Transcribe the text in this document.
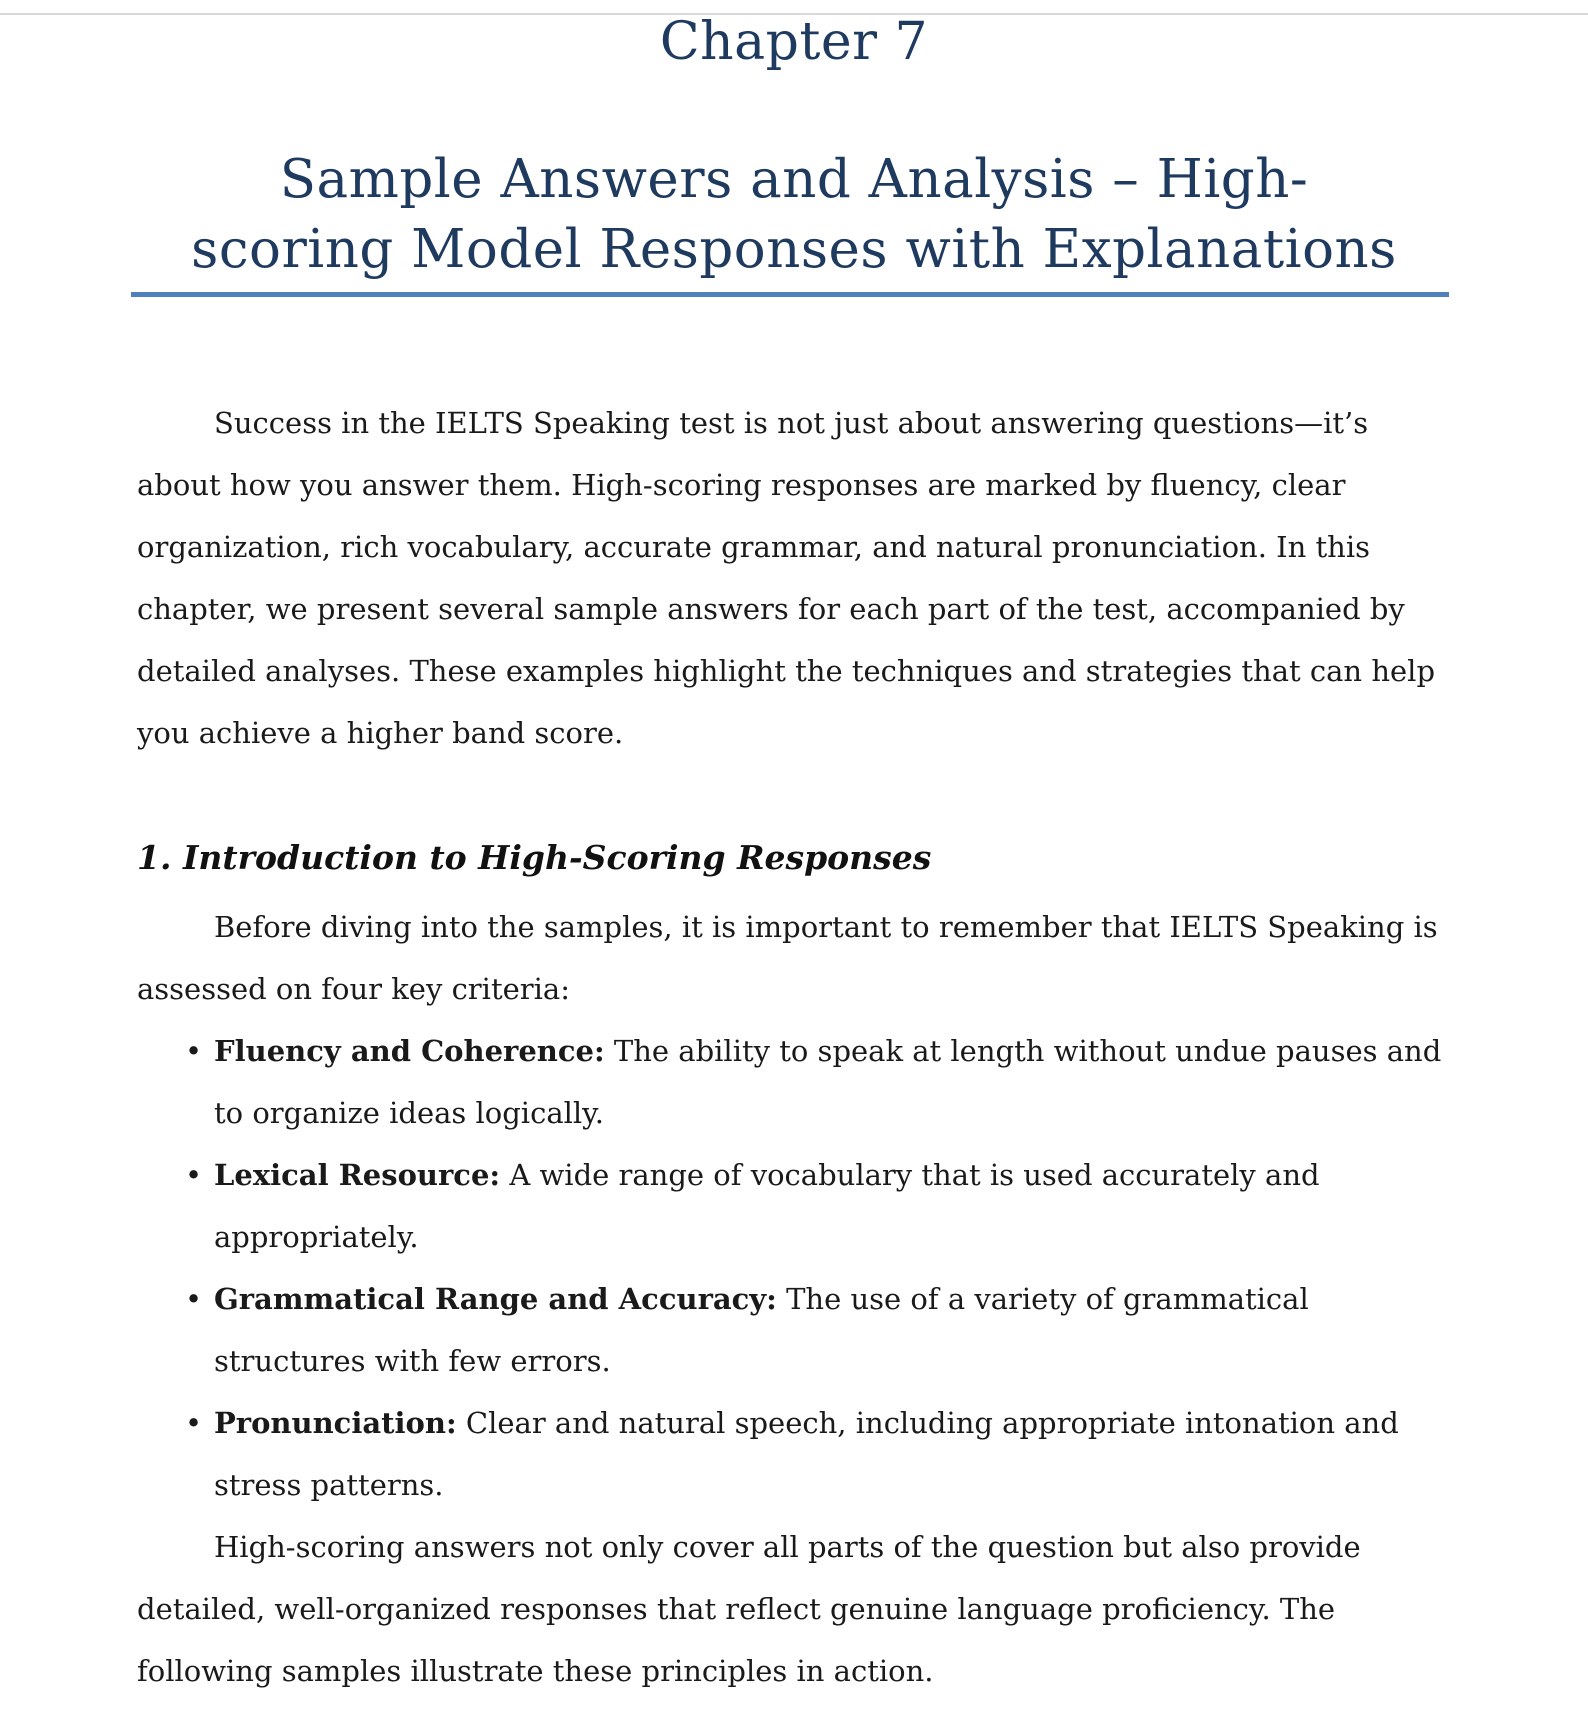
Chapter 7
Sample Answers and Analysis – High-scoring Model Responses with Explanations

Success in the IELTS Speaking test is not just about answering questions—it’s about how you answer them. High-scoring responses are marked by fluency, clear organization, rich vocabulary, accurate grammar, and natural pronunciation. In this chapter, we present several sample answers for each part of the test, accompanied by detailed analyses. These examples highlight the techniques and strategies that can help you achieve a higher band score.

1. Introduction to High-Scoring Responses

Before diving into the samples, it is important to remember that IELTS Speaking is assessed on four key criteria:

• Fluency and Coherence: The ability to speak at length without undue pauses and to organize ideas logically.
• Lexical Resource: A wide range of vocabulary that is used accurately and appropriately.
• Grammatical Range and Accuracy: The use of a variety of grammatical structures with few errors.
• Pronunciation: Clear and natural speech, including appropriate intonation and stress patterns.

High-scoring answers not only cover all parts of the question but also provide detailed, well-organized responses that reflect genuine language proficiency. The following samples illustrate these principles in action.
